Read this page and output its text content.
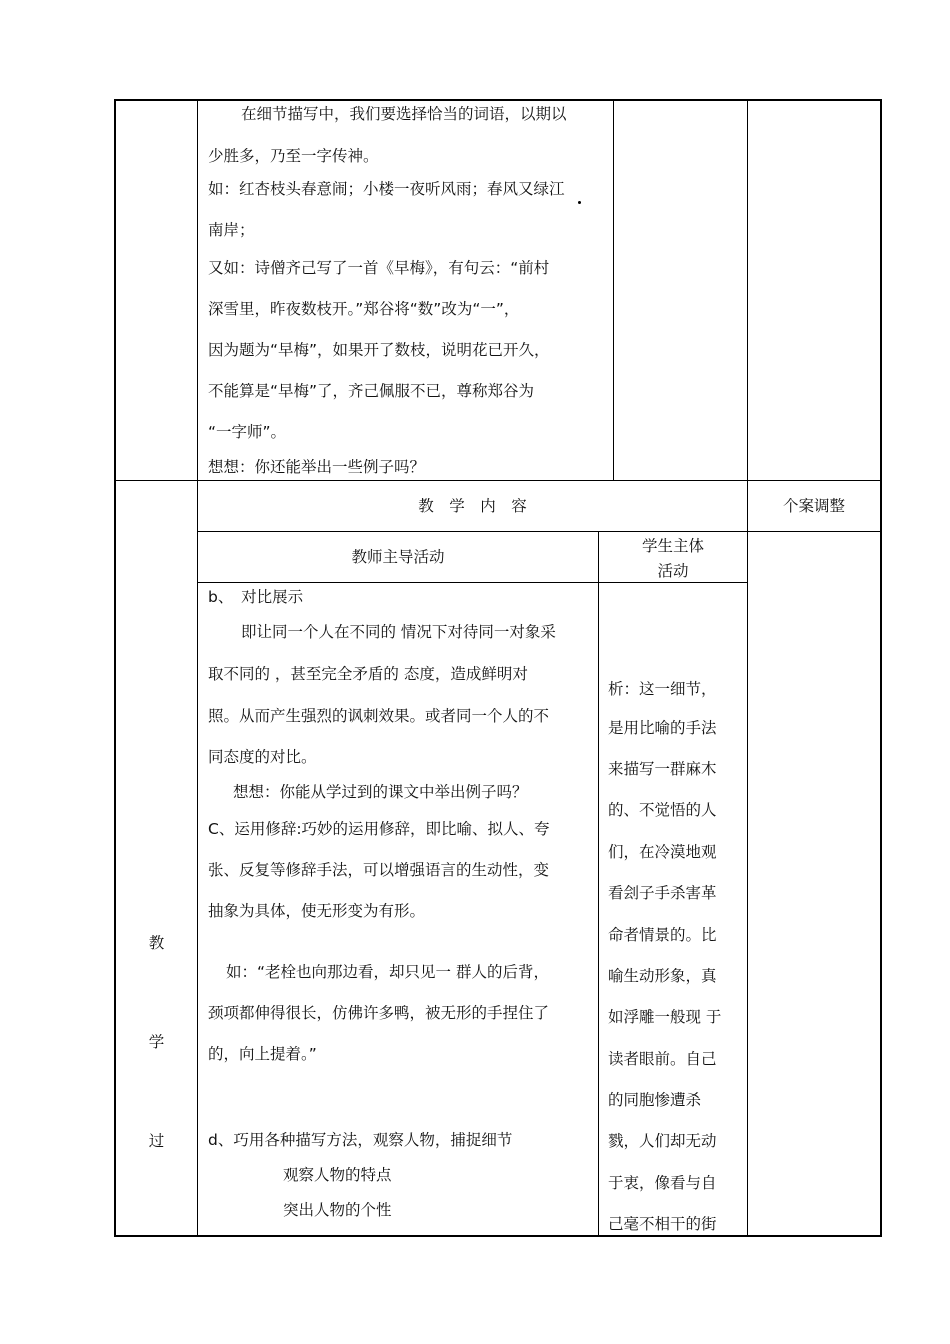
在细节描写中，我们要选择恰当的词语，以期以
少胜多，乃至一字传神。
如：红杏枝头春意闹；小楼一夜听风雨；春风又绿江
南岸；
又如：诗僧齐己写了一首《早梅》，有句云：“前村
深雪里，昨夜数枝开。”郑谷将“数”改为“一”，
因为题为“早梅”，如果开了数枝，说明花已开久，
不能算是“早梅”了，齐己佩服不已，尊称郑谷为
“一字师”。
想想：你还能举出一些例子吗？
教　学　内　容	个案调整
教师主导活动
学生主体
活动
教
学
过
b、　对比展示
即让同一个人在不同的 情况下对待同一对象采
取不同的 ，甚至完全矛盾的 态度，造成鲜明对
照。从而产生强烈的讽刺效果。或者同一个人的不
同态度的对比。
想想：你能从学过到的课文中举出例子吗？
C、运用修辞:巧妙的运用修辞，即比喻、拟人、夸
张、反复等修辞手法，可以增强语言的生动性，变
抽象为具体，使无形变为有形。
如：“老栓也向那边看，却只见一 群人的后背，
颈项都伸得很长，仿佛许多鸭，被无形的手捏住了
的，向上提着。”
d、巧用各种描写方法，观察人物，捕捉细节
观察人物的特点
突出人物的个性
析：这一细节，
是用比喻的手法
来描写一群麻木
的、不觉悟的人
们，在冷漠地观
看刽子手杀害革
命者情景的。比
喻生动形象，真
如浮雕一般现 于
读者眼前。自己
的同胞惨遭杀
戮，人们却无动
于衷，像看与自
己毫不相干的街
